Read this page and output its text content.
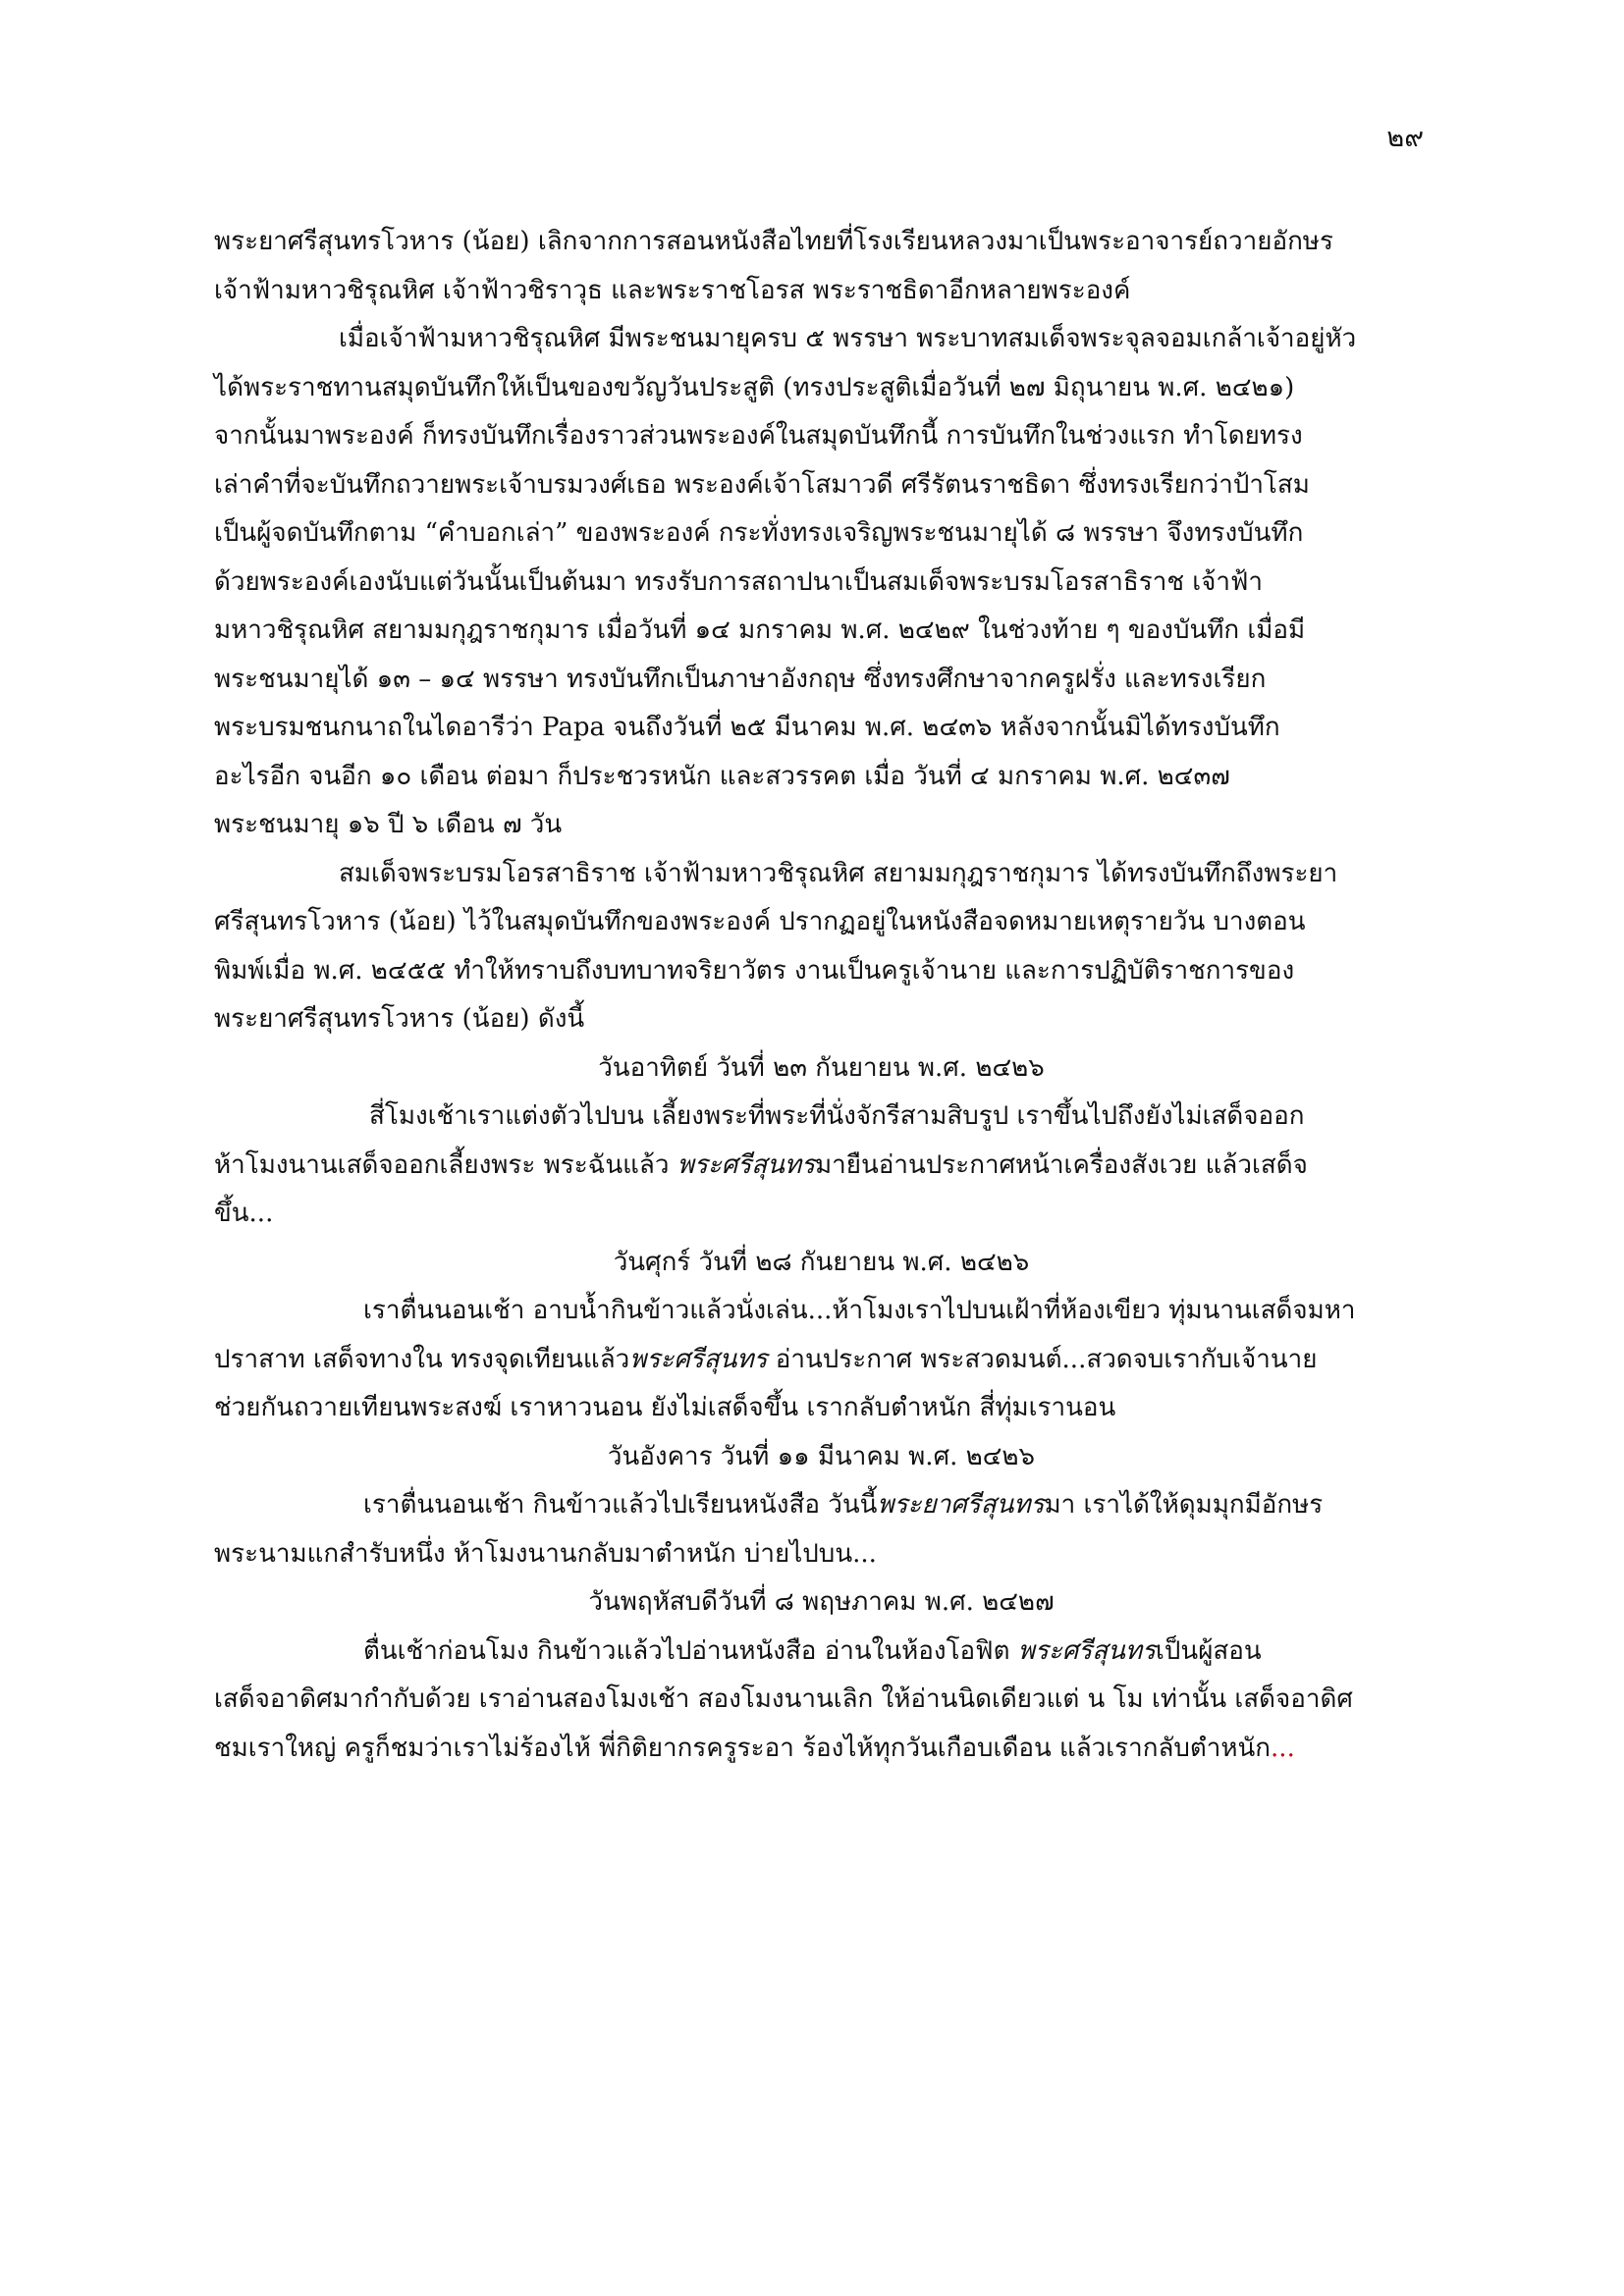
๒๙
พระยาศรีสุนทรโวหาร (น้อย) เลิกจากการสอนหนังสือไทยที่โรงเรียนหลวงมาเป็นพระอาจารย์ถวายอักษร
เจ้าฟ้ามหาวชิรุณหิศ เจ้าฟ้าวชิราวุธ และพระราชโอรส พระราชธิดาอีกหลายพระองค์
เมื่อเจ้าฟ้ามหาวชิรุณหิศ มีพระชนมายุครบ ๕ พรรษา พระบาทสมเด็จพระจุลจอมเกล้าเจ้าอยู่หัว
ได้พระราชทานสมุดบันทึกให้เป็นของขวัญวันประสูติ (ทรงประสูติเมื่อวันที่ ๒๗ มิถุนายน พ.ศ. ๒๔๒๑)
จากนั้นมาพระองค์ ก็ทรงบันทึกเรื่องราวส่วนพระองค์ในสมุดบันทึกนี้ การบันทึกในช่วงแรก ทำโดยทรง
เล่าคำที่จะบันทึกถวายพระเจ้าบรมวงศ์เธอ พระองค์เจ้าโสมาวดี ศรีรัตนราชธิดา ซึ่งทรงเรียกว่าป้าโสม
เป็นผู้จดบันทึกตาม “คำบอกเล่า” ของพระองค์ กระทั่งทรงเจริญพระชนมายุได้ ๘ พรรษา จึงทรงบันทึก
ด้วยพระองค์เองนับแต่วันนั้นเป็นต้นมา ทรงรับการสถาปนาเป็นสมเด็จพระบรมโอรสาธิราช เจ้าฟ้า
มหาวชิรุณหิศ สยามมกุฎราชกุมาร เมื่อวันที่ ๑๔ มกราคม พ.ศ. ๒๔๒๙ ในช่วงท้าย ๆ ของบันทึก เมื่อมี
พระชนมายุได้ ๑๓ – ๑๔ พรรษา ทรงบันทึกเป็นภาษาอังกฤษ ซึ่งทรงศึกษาจากครูฝรั่ง และทรงเรียก
พระบรมชนกนาถในไดอารีว่า Papa จนถึงวันที่ ๒๕ มีนาคม พ.ศ. ๒๔๓๖ หลังจากนั้นมิได้ทรงบันทึก
อะไรอีก จนอีก ๑๐ เดือน ต่อมา ก็ประชวรหนัก และสวรรคต เมื่อ วันที่ ๔ มกราคม พ.ศ. ๒๔๓๗
พระชนมายุ ๑๖ ปี ๖ เดือน ๗ วัน
สมเด็จพระบรมโอรสาธิราช เจ้าฟ้ามหาวชิรุณหิศ สยามมกุฎราชกุมาร ได้ทรงบันทึกถึงพระยา
ศรีสุนทรโวหาร (น้อย) ไว้ในสมุดบันทึกของพระองค์ ปรากฏอยู่ในหนังสือจดหมายเหตุรายวัน บางตอน
พิมพ์เมื่อ พ.ศ. ๒๔๕๕ ทำให้ทราบถึงบทบาทจริยาวัตร งานเป็นครูเจ้านาย และการปฏิบัติราชการของ
พระยาศรีสุนทรโวหาร (น้อย) ดังนี้
วันอาทิตย์ วันที่ ๒๓ กันยายน พ.ศ. ๒๔๒๖
สี่โมงเช้าเราแต่งตัวไปบน เลี้ยงพระที่พระที่นั่งจักรีสามสิบรูป เราขึ้นไปถึงยังไม่เสด็จออก
ห้าโมงนานเสด็จออกเลี้ยงพระ พระฉันแล้ว พระศรีสุนทรมายืนอ่านประกาศหน้าเครื่องสังเวย แล้วเสด็จ
ขึ้น...
วันศุกร์ วันที่ ๒๘ กันยายน พ.ศ. ๒๔๒๖
เราตื่นนอนเช้า อาบน้ำกินข้าวแล้วนั่งเล่น...ห้าโมงเราไปบนเฝ้าที่ห้องเขียว ทุ่มนานเสด็จมหา
ปราสาท เสด็จทางใน ทรงจุดเทียนแล้วพระศรีสุนทร อ่านประกาศ พระสวดมนต์...สวดจบเรากับเจ้านาย
ช่วยกันถวายเทียนพระสงฆ์ เราหาวนอน ยังไม่เสด็จขึ้น เรากลับตำหนัก สี่ทุ่มเรานอน
วันอังคาร วันที่ ๑๑ มีนาคม พ.ศ. ๒๔๒๖
เราตื่นนอนเช้า กินข้าวแล้วไปเรียนหนังสือ วันนี้พระยาศรีสุนทรมา เราได้ให้ดุมมุกมีอักษร
พระนามแกสำรับหนึ่ง ห้าโมงนานกลับมาตำหนัก บ่ายไปบน...
วันพฤหัสบดีวันที่ ๘ พฤษภาคม พ.ศ. ๒๔๒๗
ตื่นเช้าก่อนโมง กินข้าวแล้วไปอ่านหนังสือ อ่านในห้องโอฟิต พระศรีสุนทรเป็นผู้สอน
เสด็จอาดิศมากำกับด้วย เราอ่านสองโมงเช้า สองโมงนานเลิก ให้อ่านนิดเดียวแต่ น โม เท่านั้น เสด็จอาดิศ
ชมเราใหญ่ ครูก็ชมว่าเราไม่ร้องไห้ พี่กิติยากรครูระอา ร้องไห้ทุกวันเกือบเดือน แล้วเรากลับตำหนัก...
